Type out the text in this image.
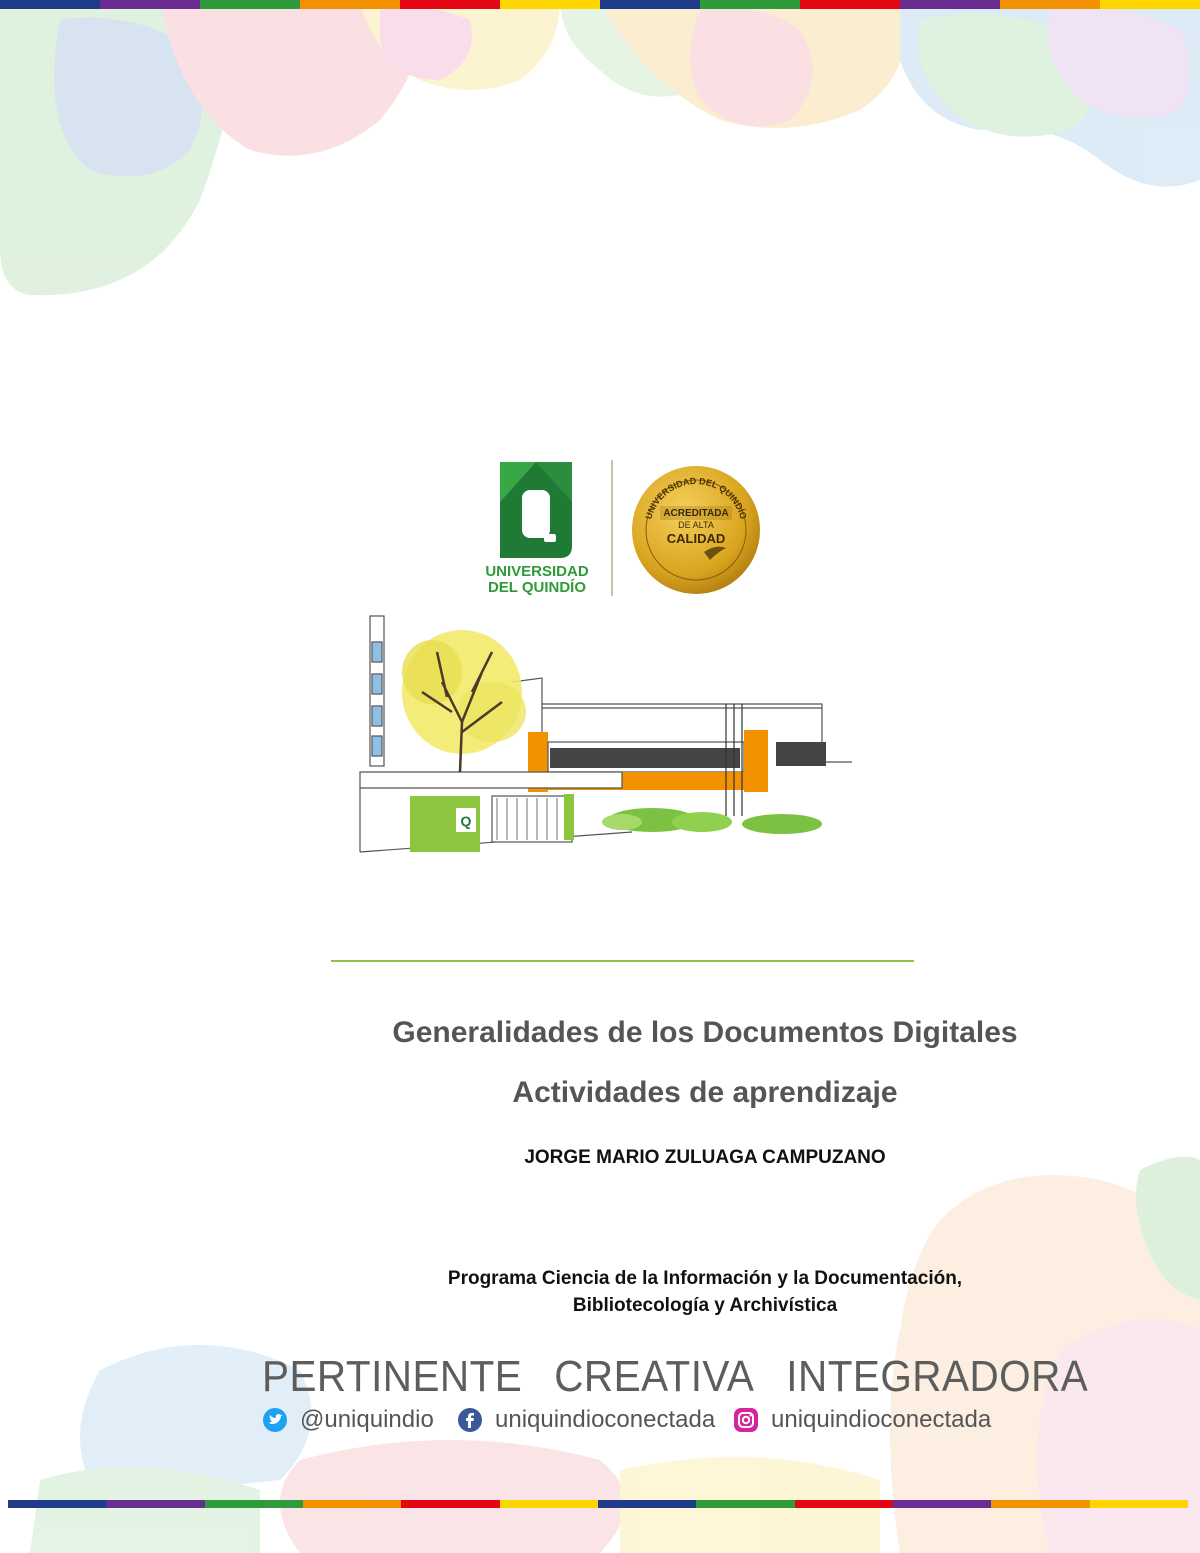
UNIVERSIDAD
DEL QUINDÍO
UNIVERSIDAD DEL QUINDÍO
ACREDITADA
DE ALTA
CALIDAD
Q
Generalidades de los Documentos Digitales
Actividades de aprendizaje
JORGE MARIO ZULUAGA CAMPUZANO
Programa Ciencia de la Información y la Documentación,
Bibliotecología y Archivística
PERTINENTE CREATIVA INTEGRADORA
@uniquindio	uniquindioconectada uniquindioconectada
